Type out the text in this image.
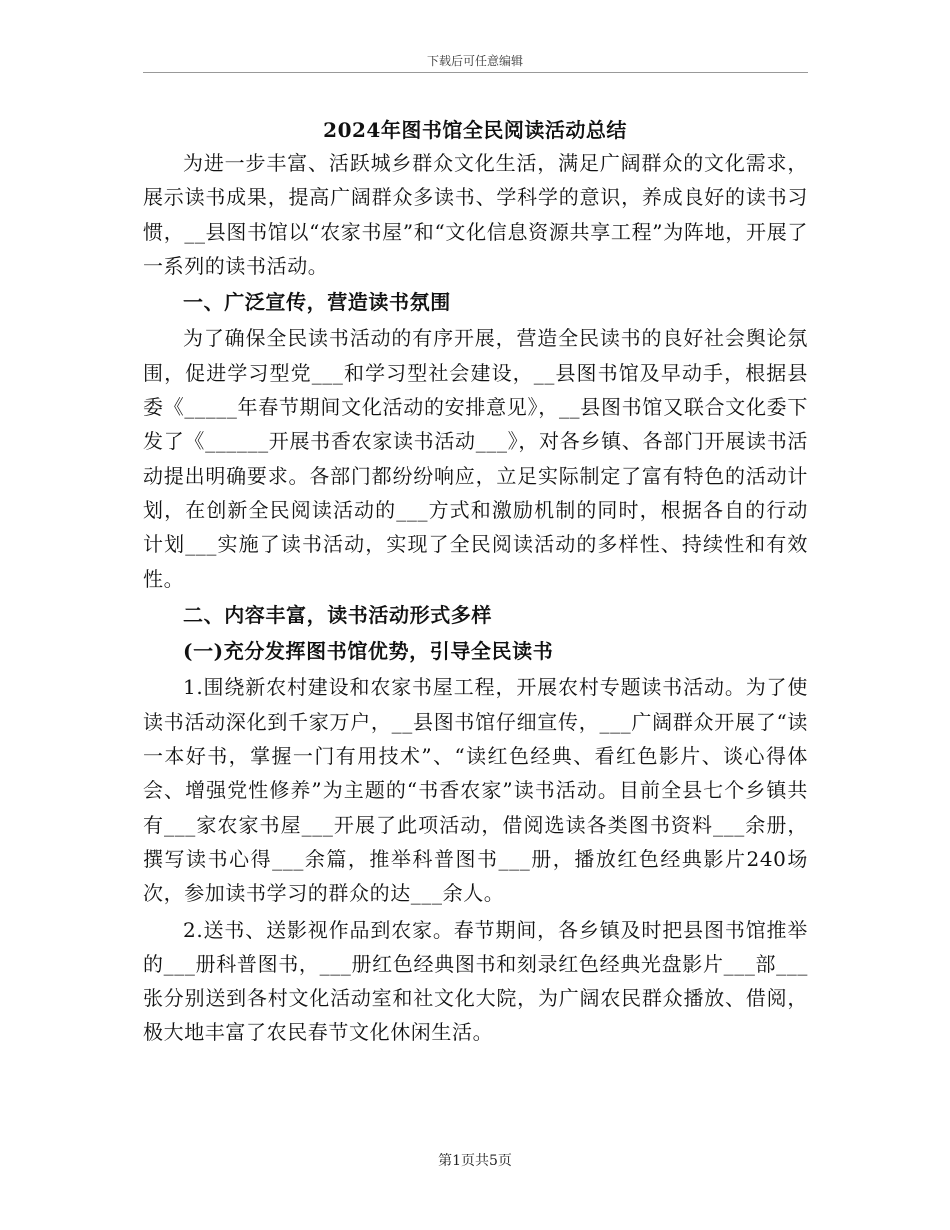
下载后可任意编辑
2024年图书馆全民阅读活动总结

为进一步丰富、活跃城乡群众文化生活，满足广阔群众的文化需求，展示读书成果，提高广阔群众多读书、学科学的意识，养成良好的读书习惯，__县图书馆以“农家书屋”和“文化信息资源共享工程”为阵地，开展了一系列的读书活动。

一、广泛宣传，营造读书氛围

为了确保全民读书活动的有序开展，营造全民读书的良好社会舆论氛围，促进学习型党___和学习型社会建设，__县图书馆及早动手，根据县委《_____年春节期间文化活动的安排意见》，__县图书馆又联合文化委下发了《______开展书香农家读书活动___》，对各乡镇、各部门开展读书活动提出明确要求。各部门都纷纷响应，立足实际制定了富有特色的活动计划，在创新全民阅读活动的___方式和激励机制的同时，根据各自的行动计划___实施了读书活动，实现了全民阅读活动的多样性、持续性和有效性。

二、内容丰富，读书活动形式多样

(一)充分发挥图书馆优势，引导全民读书

1.围绕新农村建设和农家书屋工程，开展农村专题读书活动。为了使读书活动深化到千家万户，__县图书馆仔细宣传，___广阔群众开展了“读一本好书，掌握一门有用技术”、“读红色经典、看红色影片、谈心得体会、增强党性修养”为主题的“书香农家”读书活动。目前全县七个乡镇共有___家农家书屋___开展了此项活动，借阅选读各类图书资料___余册，撰写读书心得___余篇，推举科普图书___册，播放红色经典影片240场次，参加读书学习的群众的达___余人。

2.送书、送影视作品到农家。春节期间，各乡镇及时把县图书馆推举的___册科普图书，___册红色经典图书和刻录红色经典光盘影片___部___张分别送到各村文化活动室和社文化大院，为广阔农民群众播放、借阅，极大地丰富了农民春节文化休闲生活。

第1页共5页
